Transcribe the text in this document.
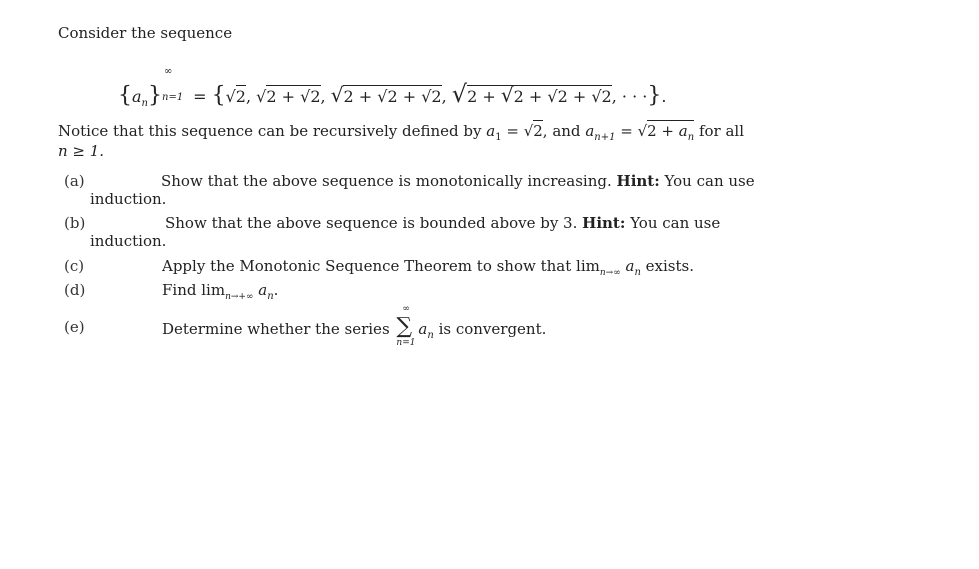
Consider the sequence
$\{a_n\}$
∞
n=1 = {√2, √2 + √2, √2 + √2 + √2, √2 + √2 + √2 + √2, · · ·}.
Notice that this sequence can be recursively defined by $a_1 = √2$, and $a_{n+1} = √2 + a_n$ for all
n ≥ 1.
(a)	Show that the above sequence is monotonically increasing. Hint: You can use
induction.
(b)	Show that the above sequence is bounded above by 3. Hint: You can use
induction.
(c)	Apply the Monotonic Sequence Theorem to show that $\lim_{n\to\infty} a_n$ exists.
(d)	Find $\lim_{n\to+\infty} a_n$.
(e)	Determine whether the series
∞
∑
n=1
$a_n$ is convergent.
